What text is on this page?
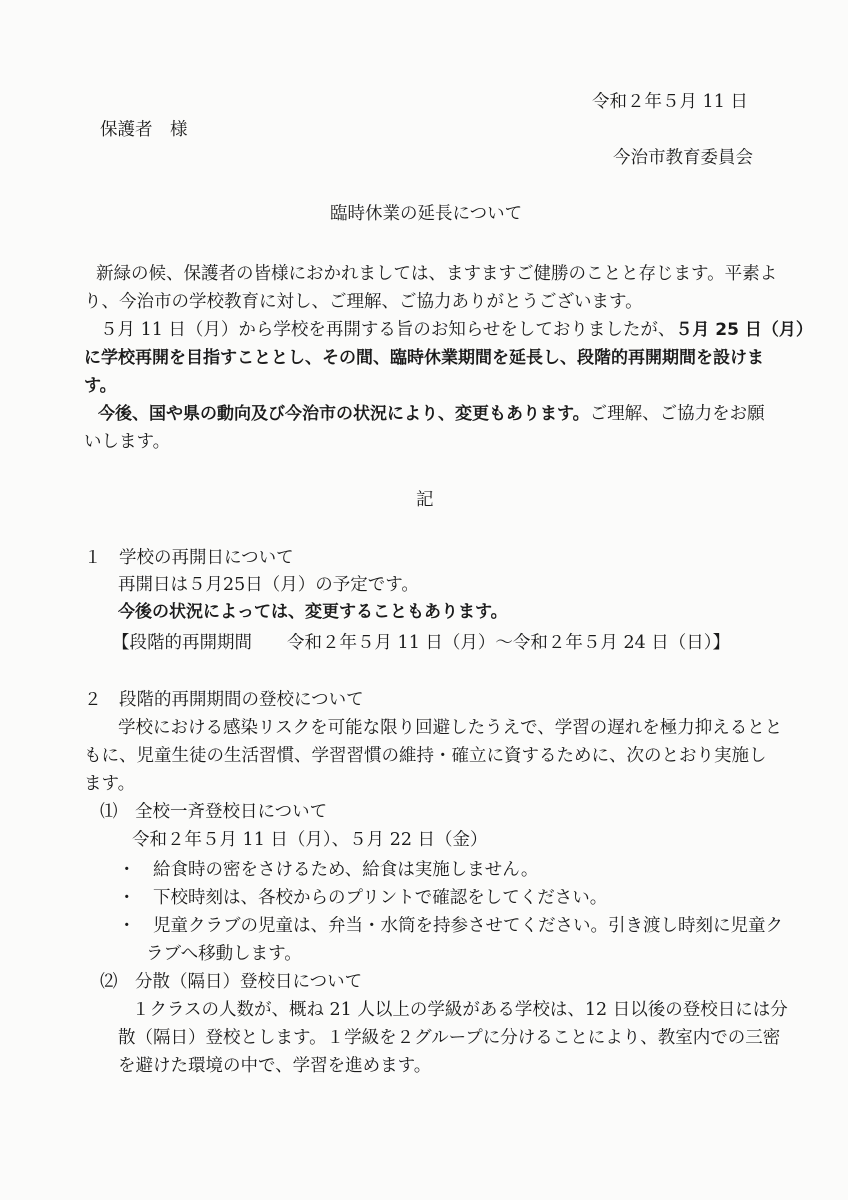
令和２年５月 11 日
保護者　様
今治市教育委員会
臨時休業の延長について
新緑の候、保護者の皆様におかれましては、ますますご健勝のことと存じます。平素よ
り、今治市の学校教育に対し、ご理解、ご協力ありがとうございます。
５月 11 日（月）から学校を再開する旨のお知らせをしておりましたが、５月 25 日（月）
に学校再開を目指すこととし、その間、臨時休業期間を延長し、段階的再開期間を設けま
す。
今後、国や県の動向及び今治市の状況により、変更もあります。ご理解、ご協力をお願
いします。
記
１　学校の再開日について
再開日は５月25日（月）の予定です。
今後の状況によっては、変更することもあります。
【段階的再開期間　　令和２年５月 11 日（月）～令和２年５月 24 日（日）】
２　段階的再開期間の登校について
学校における感染リスクを可能な限り回避したうえで、学習の遅れを極力抑えるとと
もに、児童生徒の生活習慣、学習習慣の維持・確立に資するために、次のとおり実施し
ます。
⑴　全校一斉登校日について
令和２年５月 11 日（月）、５月 22 日（金）
・　給食時の密をさけるため、給食は実施しません。
・　下校時刻は、各校からのプリントで確認をしてください。
・　児童クラブの児童は、弁当・水筒を持参させてください。引き渡し時刻に児童ク
ラブへ移動します。
⑵　分散（隔日）登校日について
１クラスの人数が、概ね 21 人以上の学級がある学校は、12 日以後の登校日には分
散（隔日）登校とします。１学級を２グループに分けることにより、教室内での三密
を避けた環境の中で、学習を進めます。
